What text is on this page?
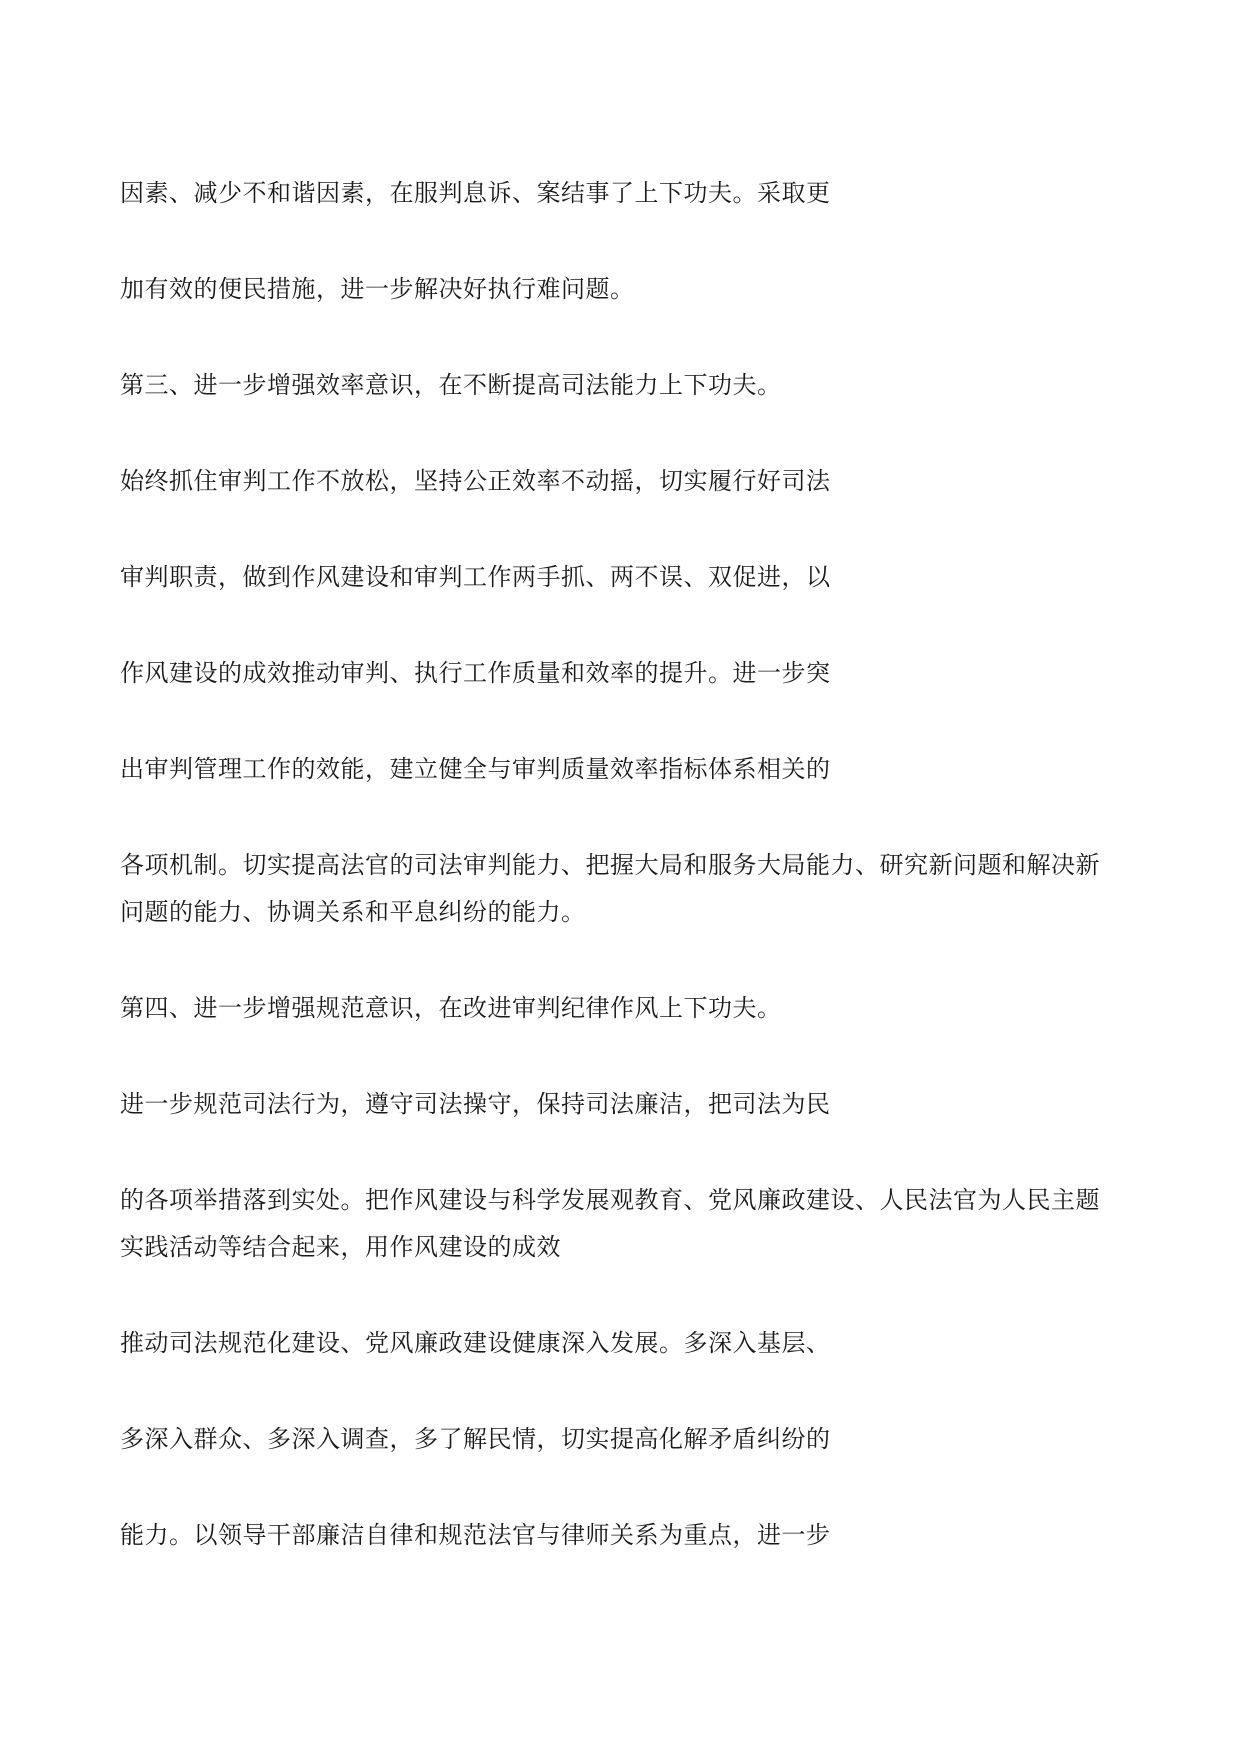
因素、减少不和谐因素，在服判息诉、案结事了上下功夫。采取更
加有效的便民措施，进一步解决好执行难问题。
第三、进一步增强效率意识，在不断提高司法能力上下功夫。
始终抓住审判工作不放松，坚持公正效率不动摇，切实履行好司法
审判职责，做到作风建设和审判工作两手抓、两不误、双促进，以
作风建设的成效推动审判、执行工作质量和效率的提升。进一步突
出审判管理工作的效能，建立健全与审判质量效率指标体系相关的
各项机制。切实提高法官的司法审判能力、把握大局和服务大局能力、研究新问题和解决新
问题的能力、协调关系和平息纠纷的能力。
第四、进一步增强规范意识，在改进审判纪律作风上下功夫。
进一步规范司法行为，遵守司法操守，保持司法廉洁，把司法为民
的各项举措落到实处。把作风建设与科学发展观教育、党风廉政建设、人民法官为人民主题
实践活动等结合起来，用作风建设的成效
推动司法规范化建设、党风廉政建设健康深入发展。多深入基层、
多深入群众、多深入调查，多了解民情，切实提高化解矛盾纠纷的
能力。以领导干部廉洁自律和规范法官与律师关系为重点，进一步
